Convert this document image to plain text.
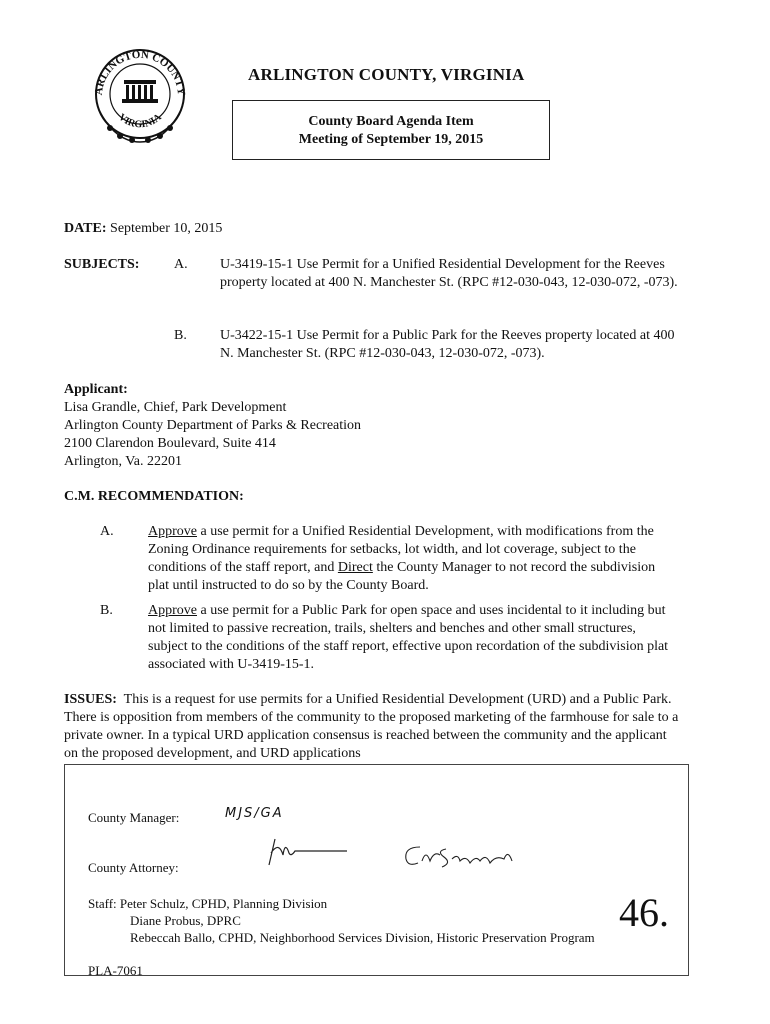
ARLINGTON COUNTY
VIRGINIA
ARLINGTON COUNTY, VIRGINIA
County Board Agenda Item
Meeting of September 19, 2015
DATE: September 10, 2015
SUBJECTS: A. U-3419-15-1 Use Permit for a Unified Residential Development for the Reeves property located at 400 N. Manchester St. (RPC #12-030-043, 12-030-072, -073).
B. U-3422-15-1 Use Permit for a Public Park for the Reeves property located at 400 N. Manchester St. (RPC #12-030-043, 12-030-072, -073).
Applicant:
Lisa Grandle, Chief, Park Development
Arlington County Department of Parks & Recreation
2100 Clarendon Boulevard, Suite 414
Arlington, Va. 22201
C.M. RECOMMENDATION:
A. Approve a use permit for a Unified Residential Development, with modifications from the Zoning Ordinance requirements for setbacks, lot width, and lot coverage, subject to the conditions of the staff report, and Direct the County Manager to not record the subdivision plat until instructed to do so by the County Board.
B.	Approve a use permit for a Public Park for open space and uses incidental to it including but not limited to passive recreation, trails, shelters and benches and other small structures, subject to the conditions of the staff report, effective upon recordation of the subdivision plat associated with U-3419-15-1.
ISSUES:  This is a request for use permits for a Unified Residential Development (URD) and a Public Park. There is opposition from members of the community to the proposed marketing of the farmhouse for sale to a private owner. In a typical URD application consensus is reached between the community and the applicant on the proposed development, and URD applications
County Manager:	MJS/GA
County Attorney:
Staff: Peter Schulz, CPHD, Planning Division
Diane Probus, DPRC
Rebeccah Ballo, CPHD, Neighborhood Services Division, Historic Preservation Program
46.
PLA-7061
